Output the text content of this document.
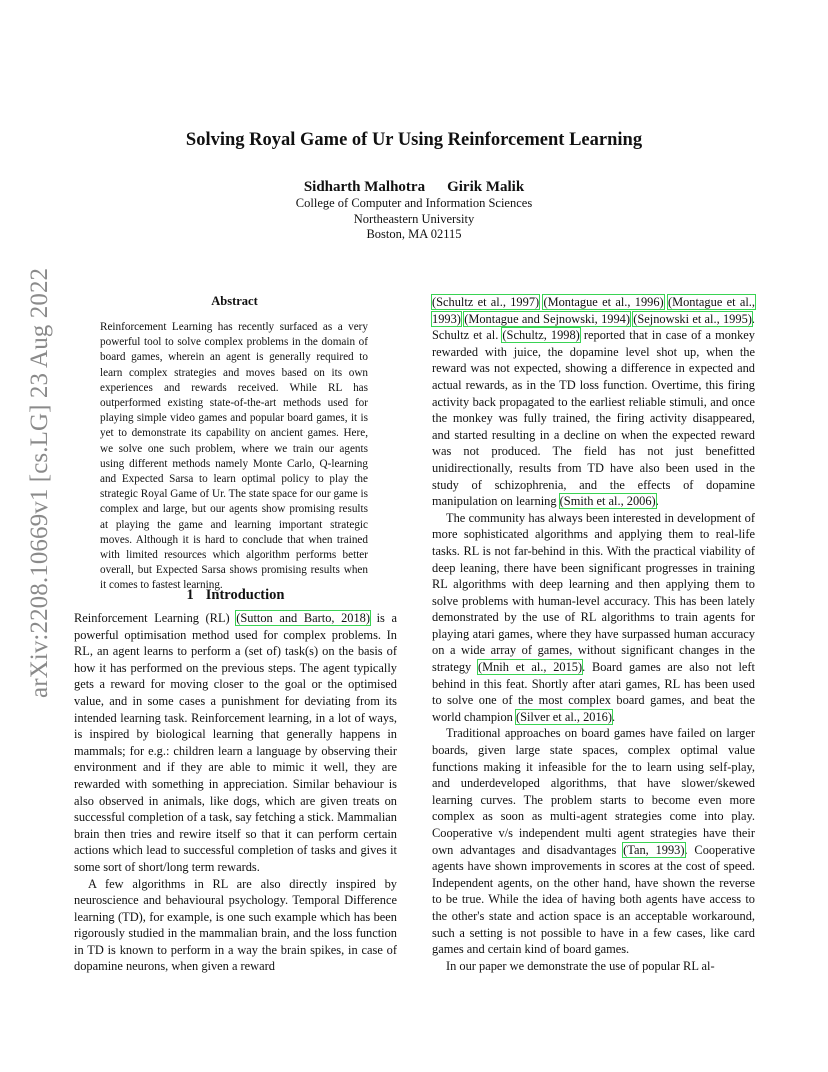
arXiv:2208.10669v1 [cs.LG] 23 Aug 2022
Solving Royal Game of Ur Using Reinforcement Learning
Sidharth Malhotra Girik Malik
College of Computer and Information Sciences
Northeastern University
Boston, MA 02115
Abstract

Reinforcement Learning has recently surfaced as a very powerful tool to solve complex problems in the domain of board games, wherein an agent is generally required to learn complex strategies and moves based on its own experiences and rewards received. While RL has outperformed existing state-of-the-art methods used for playing simple video games and popular board games, it is yet to demonstrate its capability on ancient games. Here, we solve one such problem, where we train our agents using different methods namely Monte Carlo, Q-learning and Expected Sarsa to learn optimal policy to play the strategic Royal Game of Ur. The state space for our game is complex and large, but our agents show promising results at playing the game and learning important strategic moves. Although it is hard to conclude that when trained with limited resources which algorithm performs better overall, but Expected Sarsa shows promising results when it comes to fastest learning.

1 Introduction

Reinforcement Learning (RL) (Sutton and Barto, 2018) is a powerful optimisation method used for complex problems. In RL, an agent learns to perform a (set of) task(s) on the basis of how it has performed on the previous steps. The agent typically gets a reward for moving closer to the goal or the optimised value, and in some cases a punishment for deviating from its intended learning task. Reinforcement learning, in a lot of ways, is inspired by biological learning that generally happens in mammals; for e.g.: children learn a language by observing their environment and if they are able to mimic it well, they are rewarded with something in appreciation. Similar behaviour is also observed in animals, like dogs, which are given treats on successful completion of a task, say fetching a stick. Mammalian brain then tries and rewire itself so that it can perform certain actions which lead to successful completion of tasks and gives it some sort of short/long term rewards.

A few algorithms in RL are also directly inspired by neuroscience and behavioural psychology. Temporal Difference learning (TD), for example, is one such example which has been rigorously studied in the mammalian brain, and the loss function in TD is known to perform in a way the brain spikes, in case of dopamine neurons, when given a reward

(Schultz et al., 1997) (Montague et al., 1996) (Montague et al., 1993) (Montague and Sejnowski, 1994) (Sejnowski et al., 1995). Schultz et al. (Schultz, 1998) reported that in case of a monkey rewarded with juice, the dopamine level shot up, when the reward was not expected, showing a difference in expected and actual rewards, as in the TD loss function. Overtime, this firing activity back propagated to the earliest reliable stimuli, and once the monkey was fully trained, the firing activity disappeared, and started resulting in a decline on when the expected reward was not produced. The field has not just benefitted unidirectionally, results from TD have also been used in the study of schizophrenia, and the effects of dopamine manipulation on learning (Smith et al., 2006).

The community has always been interested in development of more sophisticated algorithms and applying them to real-life tasks. RL is not far-behind in this. With the practical viability of deep leaning, there have been significant progresses in training RL algorithms with deep learning and then applying them to solve problems with human-level accuracy. This has been lately demonstrated by the use of RL algorithms to train agents for playing atari games, where they have surpassed human accuracy on a wide array of games, without significant changes in the strategy (Mnih et al., 2015). Board games are also not left behind in this feat. Shortly after atari games, RL has been used to solve one of the most complex board games, and beat the world champion (Silver et al., 2016).

Traditional approaches on board games have failed on larger boards, given large state spaces, complex optimal value functions making it infeasible for the to learn using self-play, and underdeveloped algorithms, that have slower/skewed learning curves. The problem starts to become even more complex as soon as multi-agent strategies come into play. Cooperative v/s independent multi agent strategies have their own advantages and disadvantages (Tan, 1993). Cooperative agents have shown improvements in scores at the cost of speed. Independent agents, on the other hand, have shown the reverse to be true. While the idea of having both agents have access to the other's state and action space is an acceptable workaround, such a setting is not possible to have in a few cases, like card games and certain kind of board games.

In our paper we demonstrate the use of popular RL al-
